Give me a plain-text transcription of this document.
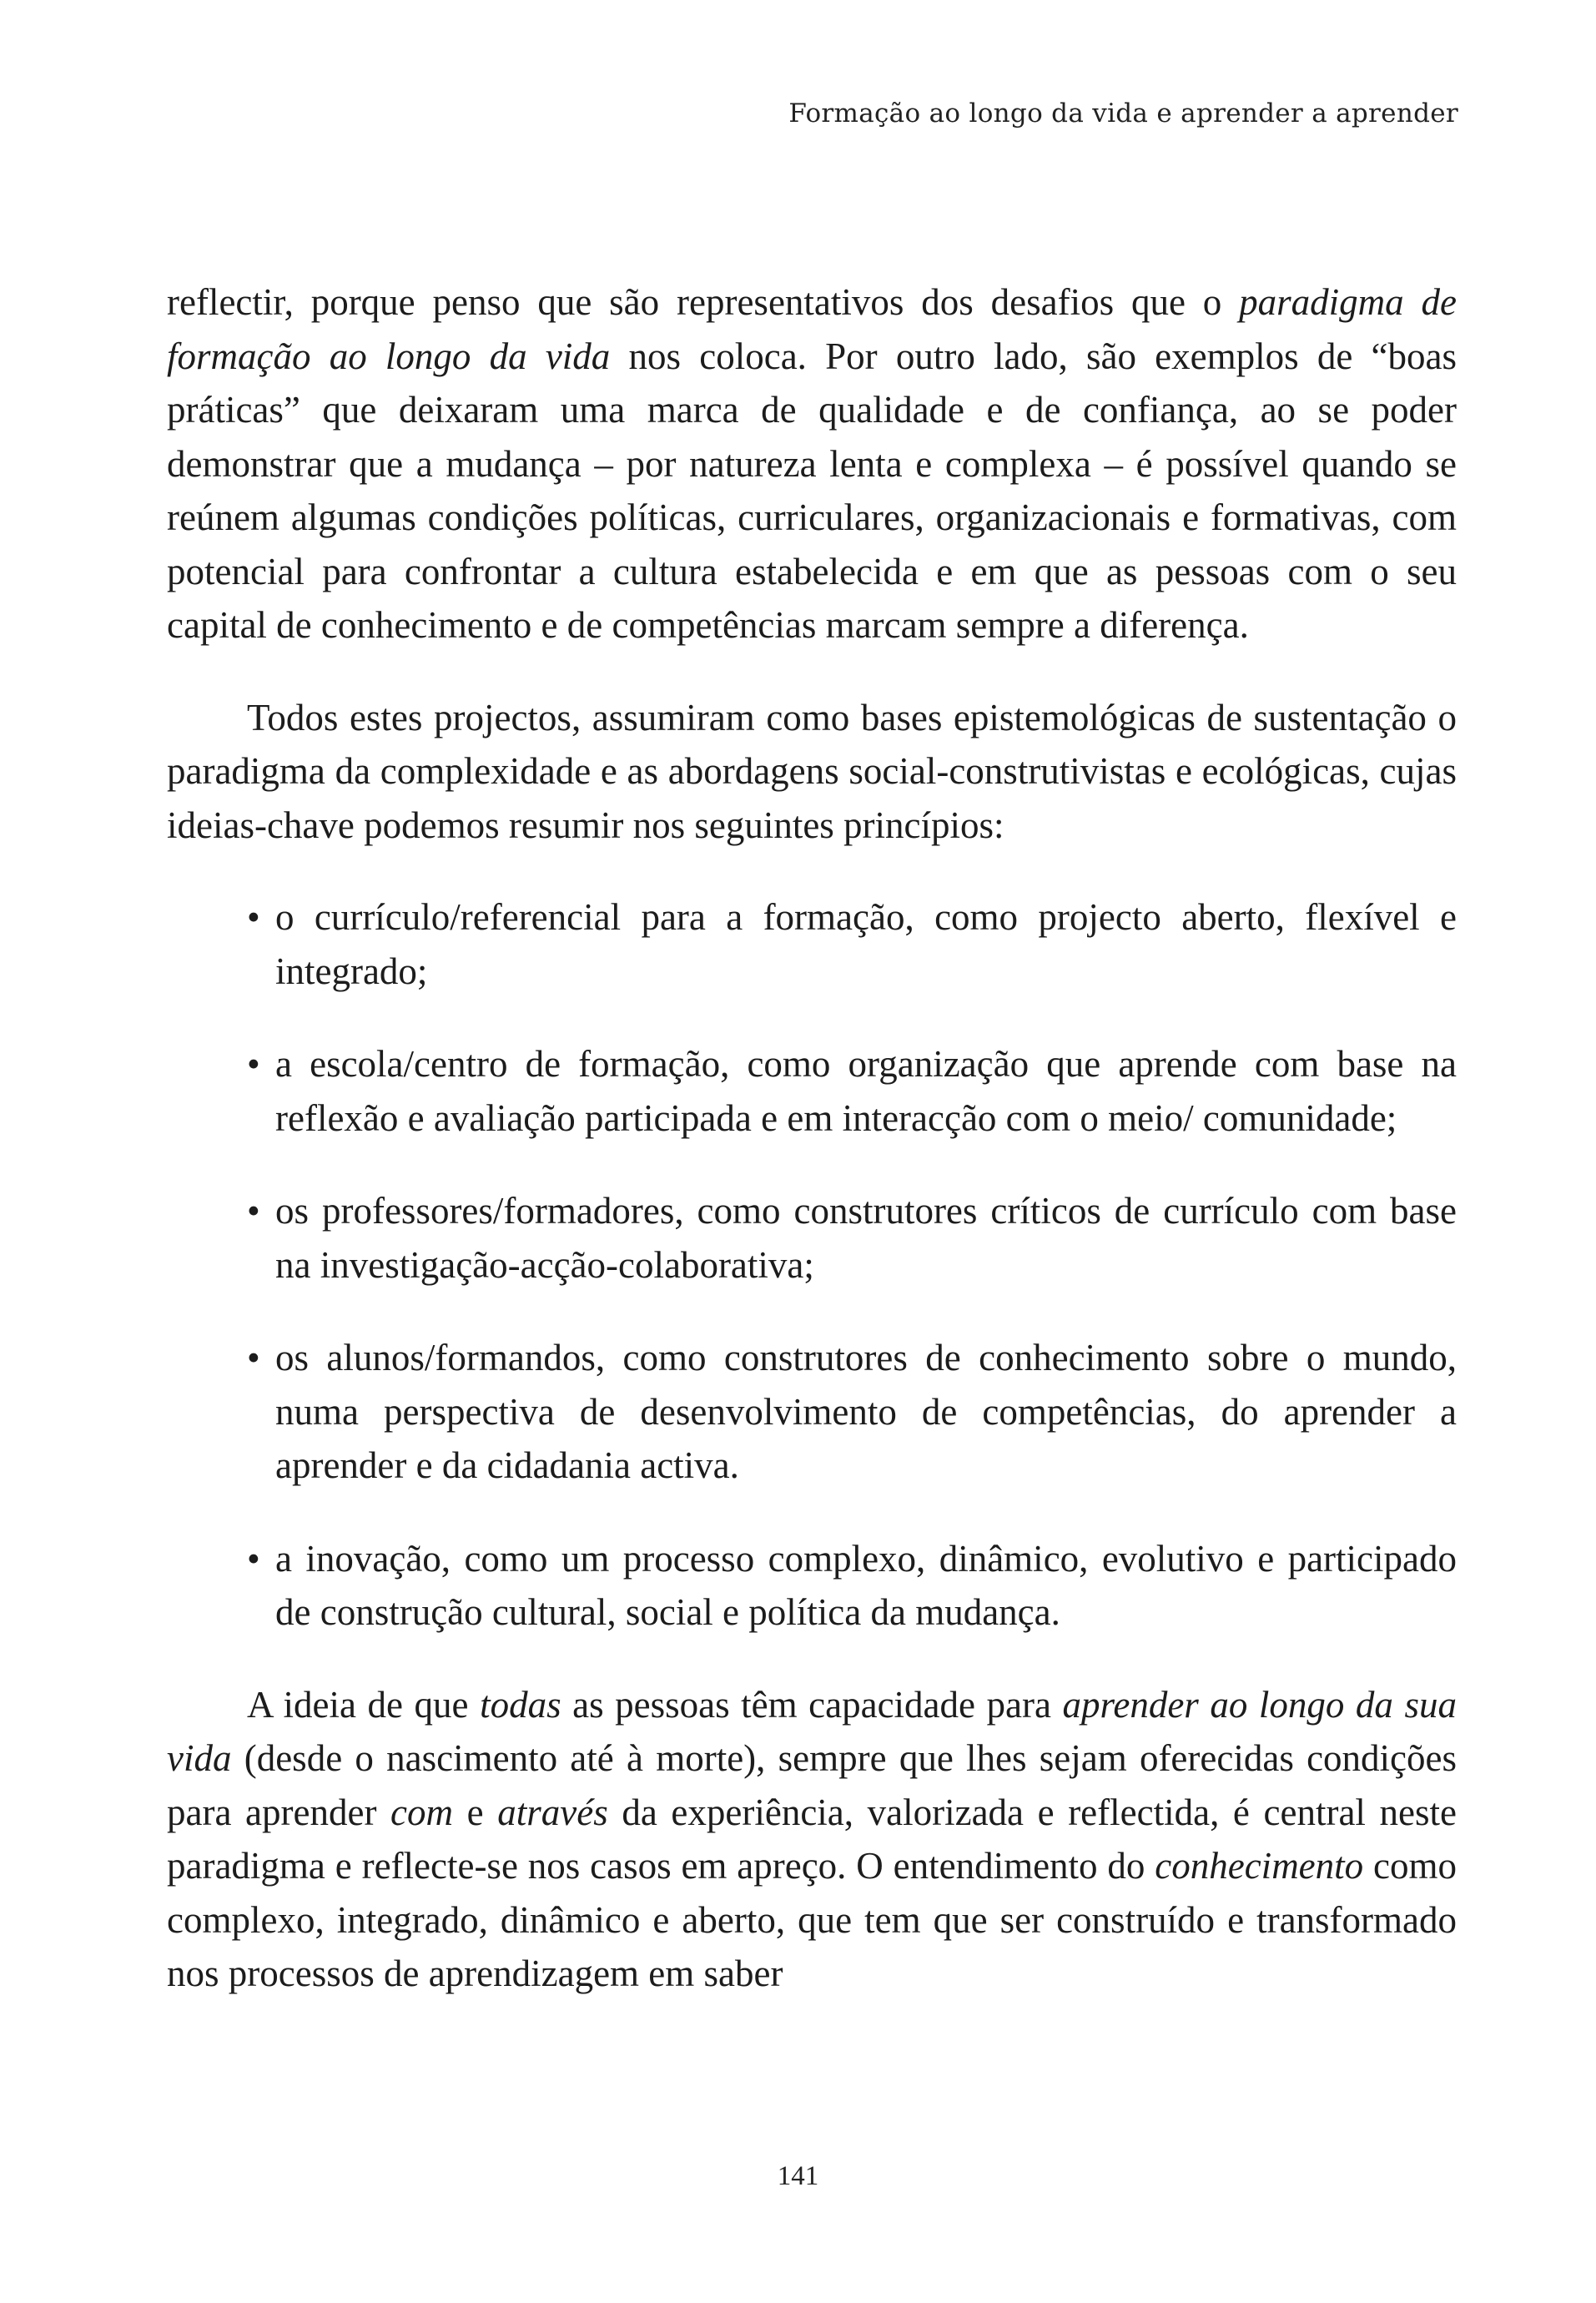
Formação ao longo da vida e aprender a aprender

reflectir, porque penso que são representativos dos desafios que o paradigma de formação ao longo da vida nos coloca. Por outro lado, são exemplos de “boas práticas” que deixaram uma marca de qualidade e de confiança, ao se poder demonstrar que a mudança – por natureza lenta e complexa – é possível quando se reúnem algumas condições políticas, curriculares, organizacionais e formativas, com potencial para confrontar a cultura estabelecida e em que as pessoas com o seu capital de conhecimento e de competências marcam sempre a diferença.

Todos estes projectos, assumiram como bases epistemológicas de sustentação o paradigma da complexidade e as abordagens social-construtivistas e ecológicas, cujas ideias-chave podemos resumir nos seguintes princípios:

• o currículo/referencial para a formação, como projecto aberto, flexível e integrado;
• a escola/centro de formação, como organização que aprende com base na reflexão e avaliação participada e em interacção com o meio/ comunidade;
• os professores/formadores, como construtores críticos de currículo com base na investigação-acção-colaborativa;
• os alunos/formandos, como construtores de conhecimento sobre o mundo, numa perspectiva de desenvolvimento de competências, do aprender a aprender e da cidadania activa.
• a inovação, como um processo complexo, dinâmico, evolutivo e participado de construção cultural, social e política da mudança.

A ideia de que todas as pessoas têm capacidade para aprender ao longo da sua vida (desde o nascimento até à morte), sempre que lhes sejam oferecidas condições para aprender com e através da experiência, valorizada e reflectida, é central neste paradigma e reflecte-se nos casos em apreço. O entendimento do conhecimento como complexo, integrado, dinâmico e aberto, que tem que ser construído e transformado nos processos de aprendizagem em saber

141
